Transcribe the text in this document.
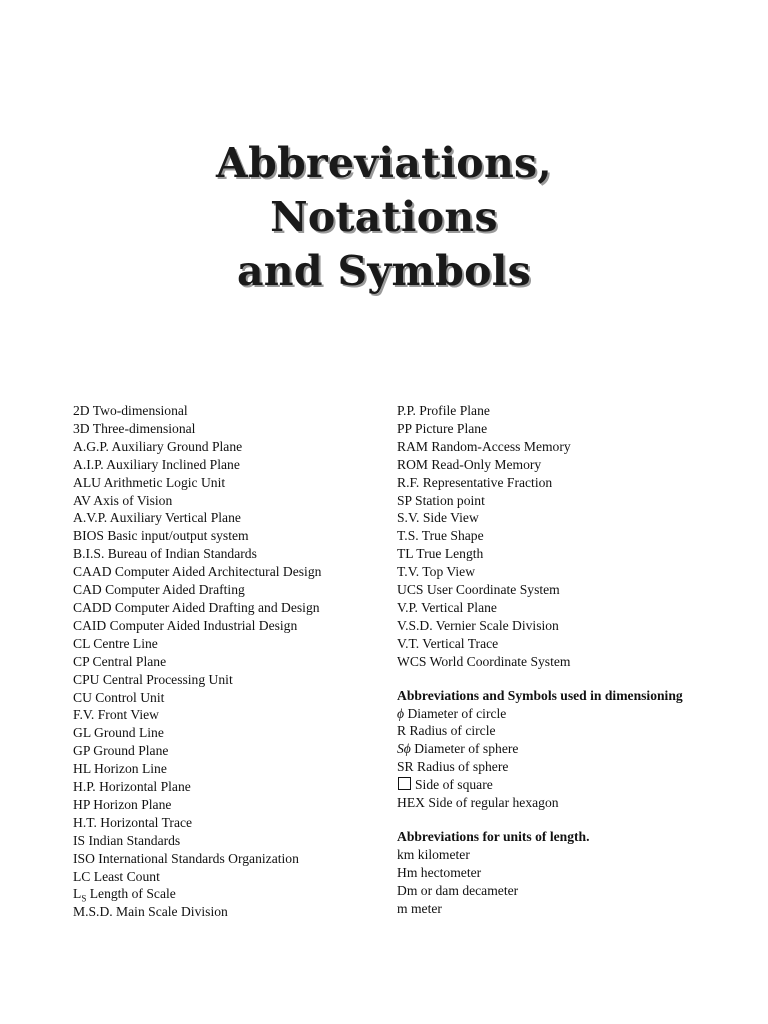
Abbreviations,
Notations
and Symbols
2D Two-dimensional
3D Three-dimensional
A.G.P. Auxiliary Ground Plane
A.I.P. Auxiliary Inclined Plane
ALU Arithmetic Logic Unit
AV Axis of Vision
A.V.P. Auxiliary Vertical Plane
BIOS Basic input/output system
B.I.S. Bureau of Indian Standards
CAAD Computer Aided Architectural Design
CAD Computer Aided Drafting
CADD Computer Aided Drafting and Design
CAID Computer Aided Industrial Design
CL Centre Line
CP Central Plane
CPU Central Processing Unit
CU Control Unit
F.V. Front View
GL Ground Line
GP Ground Plane
HL Horizon Line
H.P. Horizontal Plane
HP Horizon Plane
H.T. Horizontal Trace
IS Indian Standards
ISO International Standards Organization
LC Least Count
$L_S$ Length of Scale
M.S.D. Main Scale Division
P.P. Profile Plane
PP Picture Plane
RAM Random-Access Memory
ROM Read-Only Memory
R.F. Representative Fraction
SP Station point
S.V. Side View
T.S. True Shape
TL True Length
T.V. Top View
UCS User Coordinate System
V.P. Vertical Plane
V.S.D. Vernier Scale Division
V.T. Vertical Trace
WCS World Coordinate System
Abbreviations and Symbols used in dimensioning
ϕ Diameter of circle
R Radius of circle
Sϕ Diameter of sphere
SR Radius of sphere
Side of square
HEX Side of regular hexagon
Abbreviations for units of length.
km kilometer
Hm hectometer
Dm or dam decameter
m meter
